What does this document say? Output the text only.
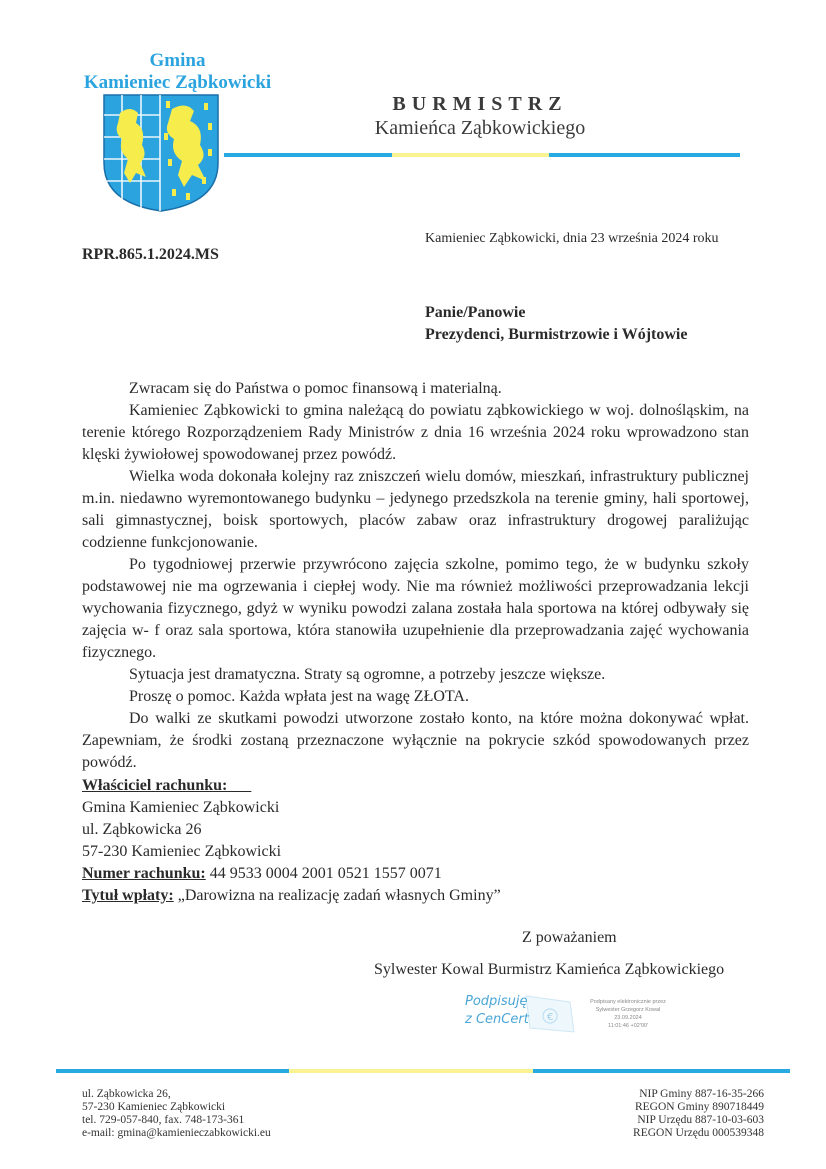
Gmina
Kamieniec Ząbkowicki
BURMISTRZ
Kamieńca Ząbkowickiego
Kamieniec Ząbkowicki, dnia 23 września 2024 roku
RPR.865.1.2024.MS
Panie/Panowie
Prezydenci, Burmistrzowie i Wójtowie

Zwracam się do Państwa o pomoc finansową i materialną.

Kamieniec Ząbkowicki to gmina należącą do powiatu ząbkowickiego w woj. dolnośląskim, na terenie którego Rozporządzeniem Rady Ministrów z dnia 16 września 2024 roku wprowadzono stan klęski żywiołowej spowodowanej przez powódź.

Wielka woda dokonała kolejny raz zniszczeń wielu domów, mieszkań, infrastruktury publicznej m.in. niedawno wyremontowanego budynku – jedynego przedszkola na terenie gminy, hali sportowej, sali gimnastycznej, boisk sportowych, placów zabaw oraz infrastruktury drogowej paraliżując codzienne funkcjonowanie.

Po tygodniowej przerwie przywrócono zajęcia szkolne, pomimo tego, że w budynku szkoły podstawowej nie ma ogrzewania i ciepłej wody. Nie ma również możliwości przeprowadzania lekcji wychowania fizycznego, gdyż w wyniku powodzi zalana została hala sportowa na której odbywały się zajęcia w- f oraz sala sportowa, która stanowiła uzupełnienie dla przeprowadzania zajęć wychowania fizycznego.

Sytuacja jest dramatyczna. Straty są ogromne, a potrzeby jeszcze większe.

Proszę o pomoc. Każda wpłata jest na wagę ZŁOTA.

Do walki ze skutkami powodzi utworzone zostało konto, na które można dokonywać wpłat. Zapewniam, że środki zostaną przeznaczone wyłącznie na pokrycie szkód spowodowanych przez powódź.

Właściciel rachunku:
Gmina Kamieniec Ząbkowicki
ul. Ząbkowicka 26
57-230 Kamieniec Ząbkowicki
Numer rachunku: 44 9533 0004 2001 0521 1557 0071
Tytuł wpłaty: „Darowizna na realizację zadań własnych Gminy”
Z poważaniem
Sylwester Kowal Burmistrz Kamieńca Ząbkowickiego
€
Podpisuję
z CenCert
Podpisany elektronicznie przez
Sylwester Grzegorz Kowal
23.09.2024
11:01:46 +02'00'
ul. Ząbkowicka 26,
57-230 Kamieniec Ząbkowicki
tel. 729-057-840, fax. 748-173-361
e-mail: gmina@kamienieczabkowicki.eu
NIP Gminy 887-16-35-266
REGON Gminy 890718449
NIP Urzędu 887-10-03-603
REGON Urzędu 000539348
